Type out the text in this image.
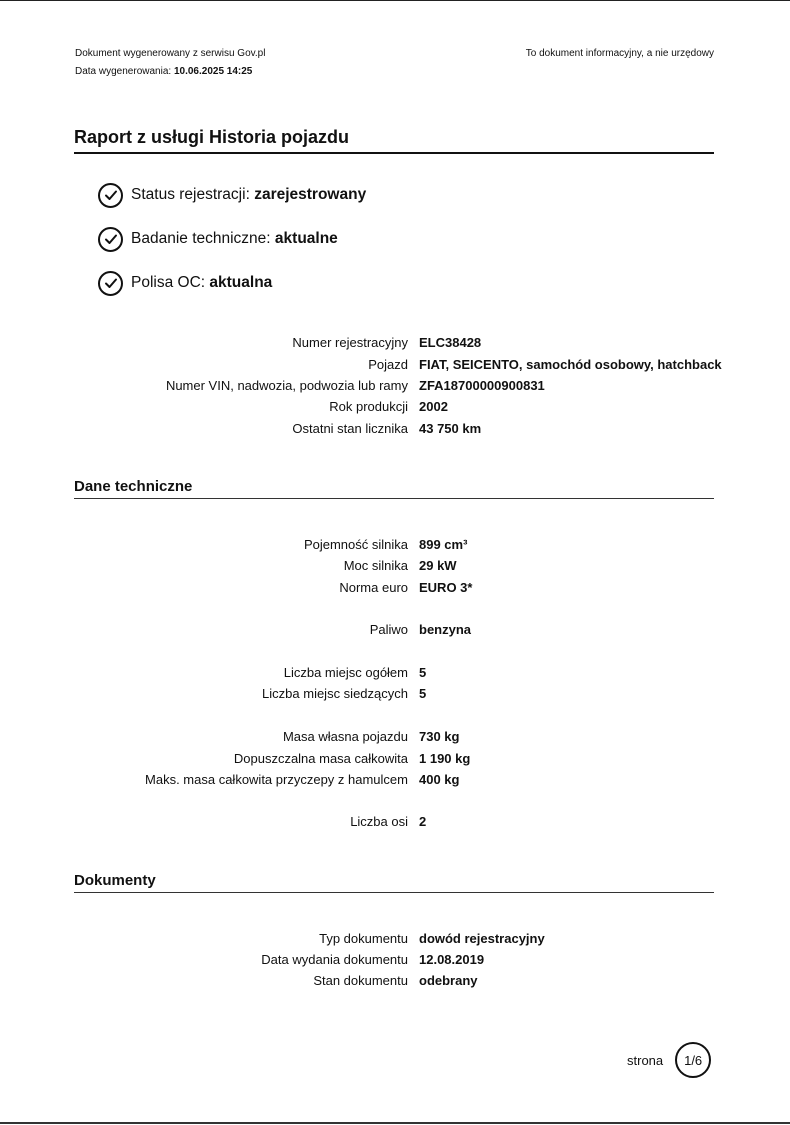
Dokument wygenerowany z serwisu Gov.pl
Data wygenerowania: 10.06.2025 14:25
To dokument informacyjny, a nie urzędowy
Raport z usługi Historia pojazdu
Status rejestracji:
zarejestrowany
Badanie techniczne:
aktualne
Polisa OC:
aktualna
Numer rejestracyjny ELC38428
Pojazd FIAT, SEICENTO, samochód osobowy, hatchback
Numer VIN, nadwozia, podwozia lub ramy ZFA18700000900831
Rok produkcji 2002
Ostatni stan licznika 43 750 km
Dane techniczne
Pojemność silnika 899 cm³
Moc silnika 29 kW
Norma euro EURO 3*
Paliwo benzyna
Liczba miejsc ogółem 5
Liczba miejsc siedzących 5
Masa własna pojazdu 730 kg
Dopuszczalna masa całkowita 1 190 kg
Maks. masa całkowita przyczepy z hamulcem 400 kg
Liczba osi 2
Dokumenty
Typ dokumentu dowód rejestracyjny
Data wydania dokumentu 12.08.2019
Stan dokumentu odebrany
strona	1/6
